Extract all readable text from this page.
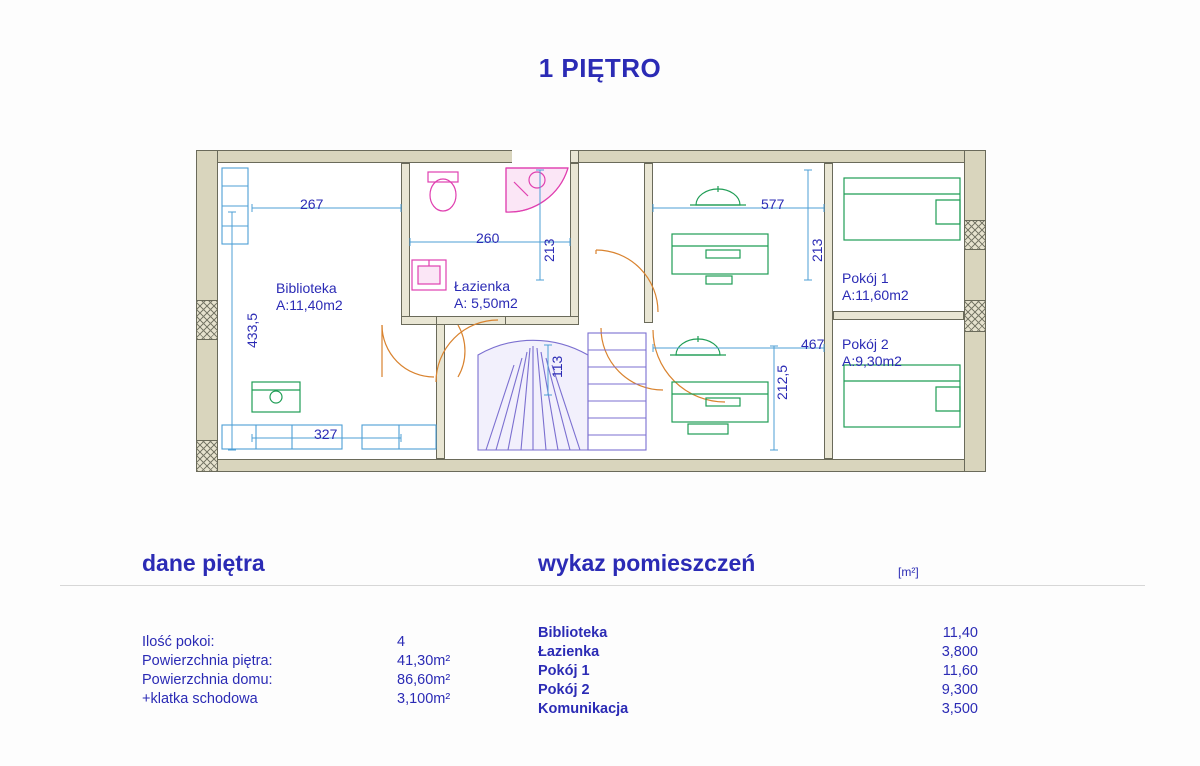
1 PIĘTRO
267
433,5
327
260
213
113
577
213
467
212,5
Biblioteka
A:11,40m2
Łazienka
A: 5,50m2
Pokój 1
A:11,60m2
Pokój 2
A:9,30m2
dane piętra	wykaz pomieszczeń	[m²]
Ilość pokoi:	4
Powierzchnia piętra:	41,30m²
Powierzchnia domu:	86,60m²
+klatka schodowa	3,100m²
Biblioteka	11,40
Łazienka	3,800
Pokój 1	11,60
Pokój 2	9,300
Komunikacja	3,500
